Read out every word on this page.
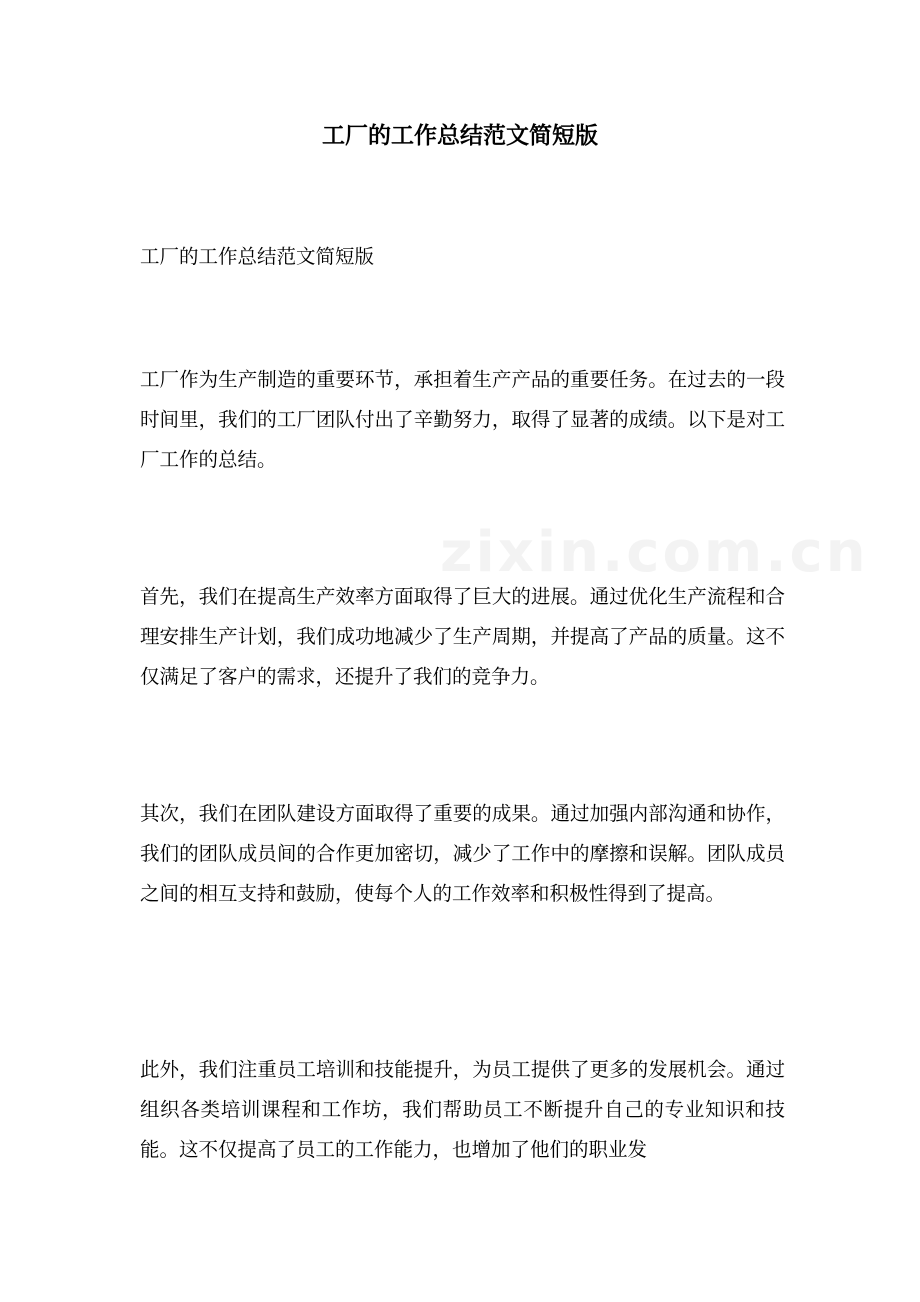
工厂的工作总结范文简短版

工厂的工作总结范文简短版

工厂作为生产制造的重要环节，承担着生产产品的重要任务。在过去的一段时间里，我们的工厂团队付出了辛勤努力，取得了显著的成绩。以下是对工厂工作的总结。

首先，我们在提高生产效率方面取得了巨大的进展。通过优化生产流程和合理安排生产计划，我们成功地减少了生产周期，并提高了产品的质量。这不仅满足了客户的需求，还提升了我们的竞争力。

其次，我们在团队建设方面取得了重要的成果。通过加强内部沟通和协作，我们的团队成员间的合作更加密切，减少了工作中的摩擦和误解。团队成员之间的相互支持和鼓励，使每个人的工作效率和积极性得到了提高。

此外，我们注重员工培训和技能提升，为员工提供了更多的发展机会。通过组织各类培训课程和工作坊，我们帮助员工不断提升自己的专业知识和技能。这不仅提高了员工的工作能力，也增加了他们的职业发

zixin.com.cn
